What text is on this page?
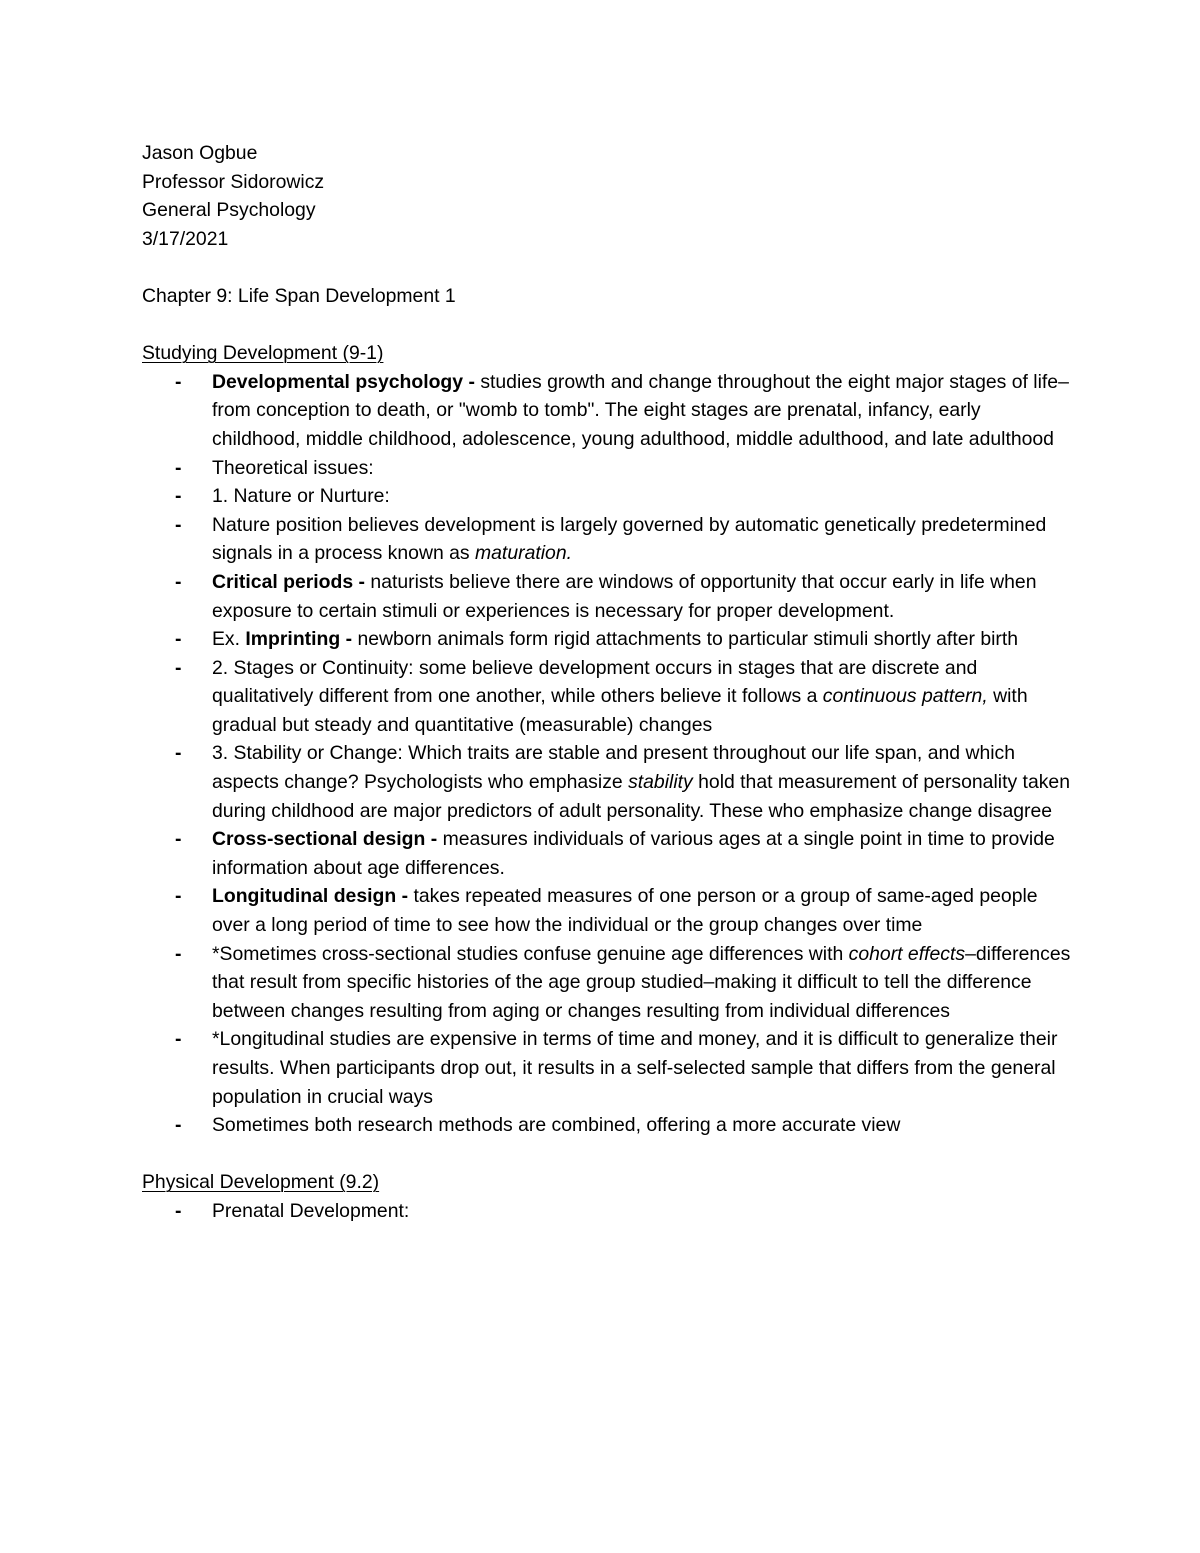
Jason Ogbue
Professor Sidorowicz
General Psychology
3/17/2021
Chapter 9: Life Span Development 1
Studying Development (9-1)
- Developmental psychology - studies growth and change throughout the eight major stages of life–from conception to death, or "womb to tomb". The eight stages are prenatal, infancy, early childhood, middle childhood, adolescence, young adulthood, middle adulthood, and late adulthood
- Theoretical issues:
- 1. Nature or Nurture:
- Nature position believes development is largely governed by automatic genetically predetermined signals in a process known as maturation.
- Critical periods - naturists believe there are windows of opportunity that occur early in life when exposure to certain stimuli or experiences is necessary for proper development.
- Ex. Imprinting - newborn animals form rigid attachments to particular stimuli shortly after birth
- 2. Stages or Continuity: some believe development occurs in stages that are discrete and qualitatively different from one another, while others believe it follows a continuous pattern, with gradual but steady and quantitative (measurable) changes
- 3. Stability or Change: Which traits are stable and present throughout our life span, and which aspects change? Psychologists who emphasize stability hold that measurement of personality taken during childhood are major predictors of adult personality. These who emphasize change disagree
- Cross-sectional design - measures individuals of various ages at a single point in time to provide information about age differences.
- Longitudinal design - takes repeated measures of one person or a group of same-aged people over a long period of time to see how the individual or the group changes over time
- *Sometimes cross-sectional studies confuse genuine age differences with cohort effects–differences that result from specific histories of the age group studied–making it difficult to tell the difference between changes resulting from aging or changes resulting from individual differences
- *Longitudinal studies are expensive in terms of time and money, and it is difficult to generalize their results. When participants drop out, it results in a self-selected sample that differs from the general population in crucial ways
- Sometimes both research methods are combined, offering a more accurate view
Physical Development (9.2)
- Prenatal Development:
